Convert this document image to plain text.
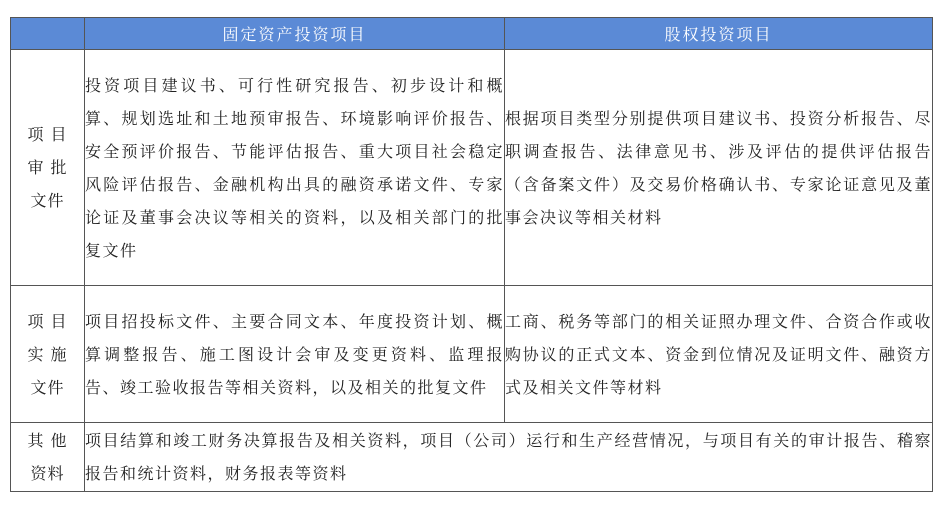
	固定资产投资项目	股权投资项目

项 目
审 批
文件	投资项目建议书、可行性研究报告、初步设计和概算、规划选址和土地预审报告、环境影响评价报告、安全预评价报告、节能评估报告、重大项目社会稳定风险评估报告、金融机构出具的融资承诺文件、专家论证及董事会决议等相关的资料，以及相关部门的批复文件	根据项目类型分别提供项目建议书、投资分析报告、尽职调查报告、法律意见书、涉及评估的提供评估报告（含备案文件）及交易价格确认书、专家论证意见及董事会决议等相关材料

项 目
实 施
文件	项目招投标文件、主要合同文本、年度投资计划、概算调整报告、施工图设计会审及变更资料、监理报告、竣工验收报告等相关资料，以及相关的批复文件	工商、税务等部门的相关证照办理文件、合资合作或收购协议的正式文本、资金到位情况及证明文件、融资方式及相关文件等材料

其 他
资料	项目结算和竣工财务决算报告及相关资料，项目（公司）运行和生产经营情况，与项目有关的审计报告、稽察报告和统计资料，财务报表等资料	
